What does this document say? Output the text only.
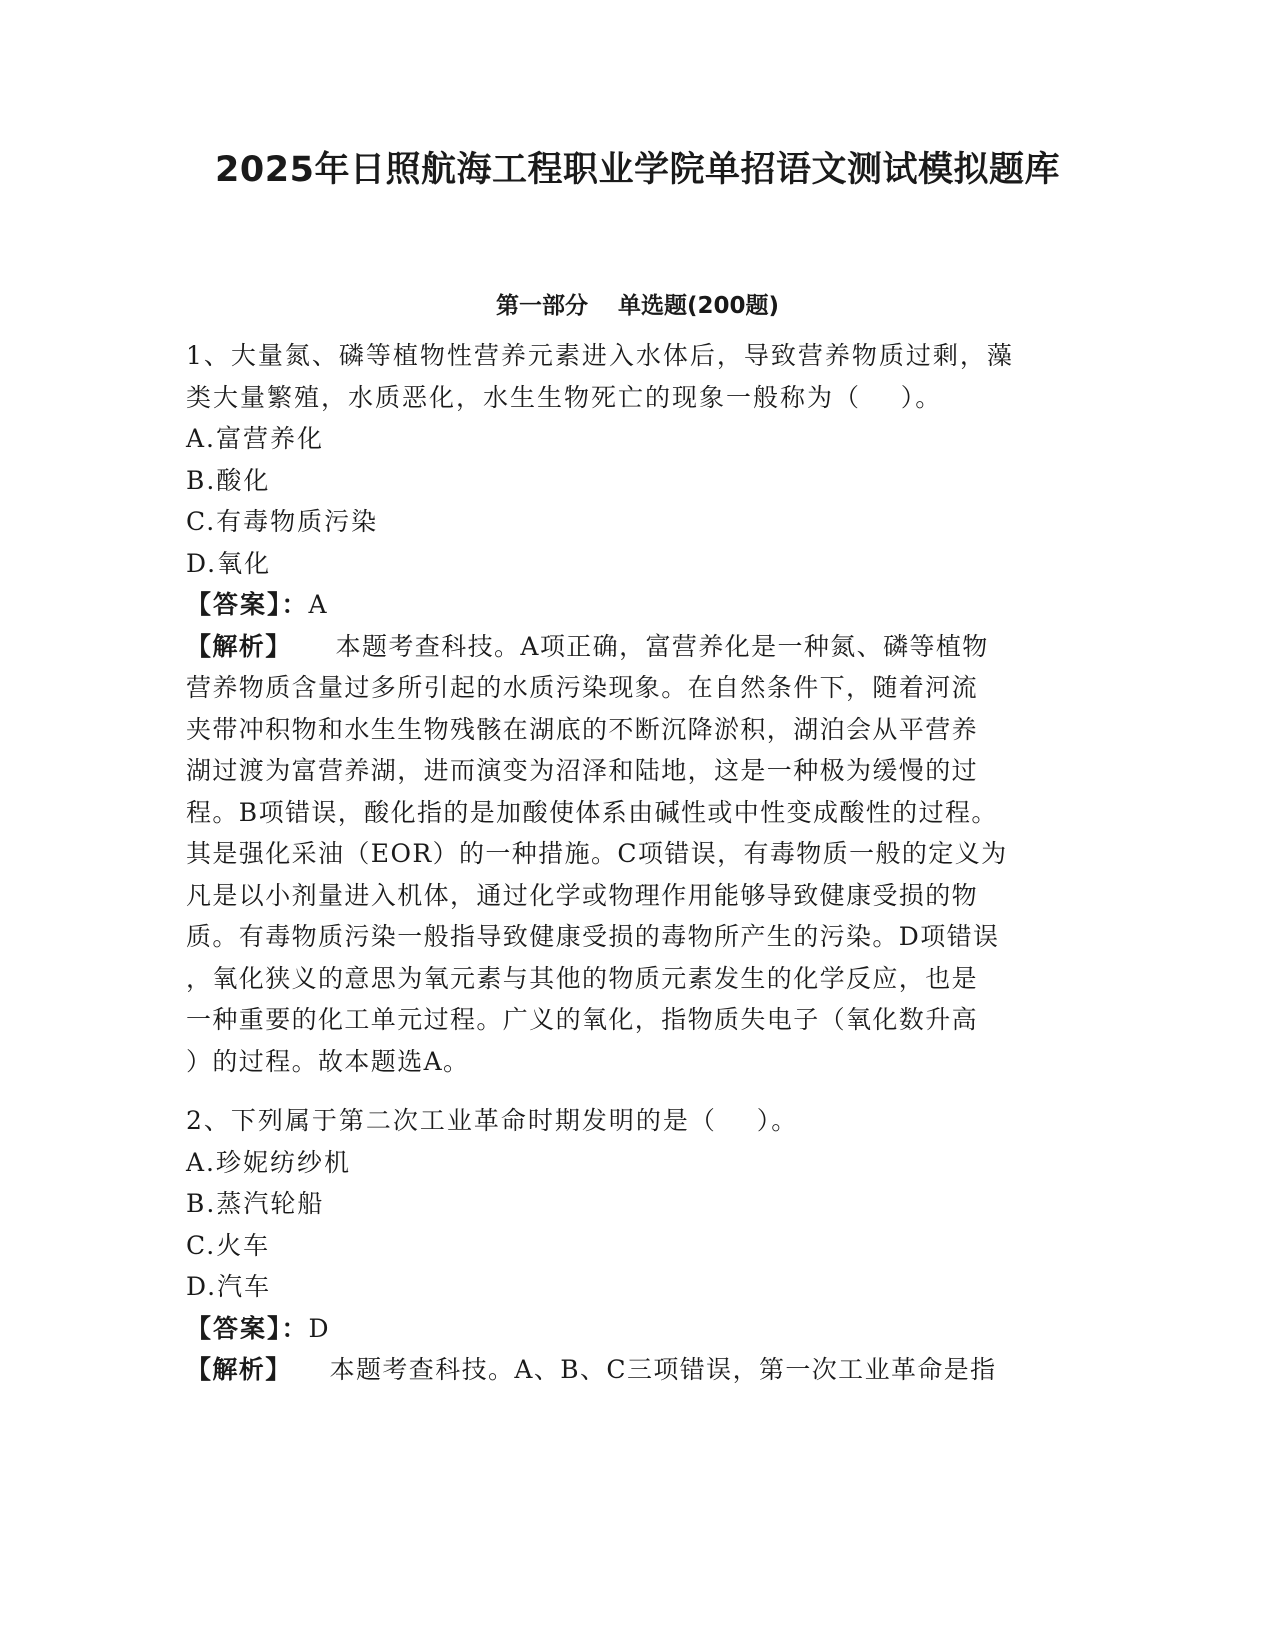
2025年日照航海工程职业学院单招语文测试模拟题库
第一部分 单选题(200题)
1、大量氮、磷等植物性营养元素进入水体后，导致营养物质过剩，藻
类大量繁殖，水质恶化，水生生物死亡的现象一般称为（    ）。
A.富营养化
B.酸化
C.有毒物质污染
D.氧化
【答案】：A
【解析】 本题考查科技。A项正确，富营养化是一种氮、磷等植物
营养物质含量过多所引起的水质污染现象。在自然条件下，随着河流
夹带冲积物和水生生物残骸在湖底的不断沉降淤积，湖泊会从平营养
湖过渡为富营养湖，进而演变为沼泽和陆地，这是一种极为缓慢的过
程。B项错误，酸化指的是加酸使体系由碱性或中性变成酸性的过程。
其是强化采油（EOR）的一种措施。C项错误，有毒物质一般的定义为
凡是以小剂量进入机体，通过化学或物理作用能够导致健康受损的物
质。有毒物质污染一般指导致健康受损的毒物所产生的污染。D项错误
，氧化狭义的意思为氧元素与其他的物质元素发生的化学反应，也是
一种重要的化工单元过程。广义的氧化，指物质失电子（氧化数升高
）的过程。故本题选A。
2、下列属于第二次工业革命时期发明的是（    ）。
A.珍妮纺纱机
B.蒸汽轮船
C.火车
D.汽车
【答案】：D
【解析】 本题考查科技。A、B、C三项错误，第一次工业革命是指
